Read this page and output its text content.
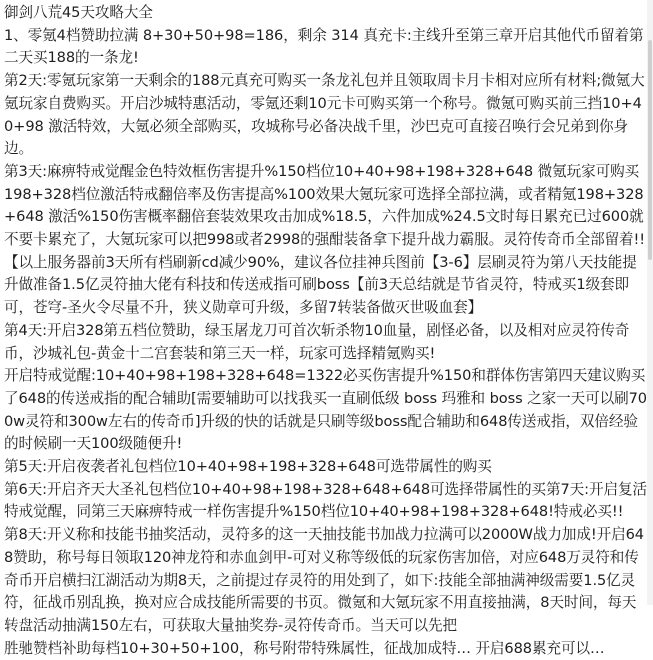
御剑八荒45天攻略大全

1、零氪4档赞助拉满 8+30+50+98=186，剩余 314 真充卡:主线升至第三章开启其他代币留着第二天买188的一条龙!

第2天:零氪玩家第一天剩余的188元真充可购买一条龙礼包并且领取周卡月卡相对应所有材料;微氪大氪玩家自费购买。开启沙城特惠活动，零氪还剩10元卡可购买第一个称号。微氪可购买前三挡10+40+98 激活特效，大氪必须全部购买，攻城称号必备决战千里，沙巴克可直接召唤行会兄弟到你身边。

第3天:麻痹特戒觉醒金色特效框伤害提升%150档位10+40+98+198+328+648 微氪玩家可购买198+328档位激活特戒翻倍率及伤害提高%100效果大氪玩家可选择全部拉满，或者精氪198+328+648 激活%150伤害概率翻倍套装效果攻击加成%18.5，六件加成%24.5文时每日累充已过600就不要卡累充了，大氪玩家可以把998或者2998的强酣装备拿下提升战力霸服。灵符传奇币全部留着!!【以上服务器前3天所有档刷新cd减少90%，建议各位挂神兵图前【3-6】层刷灵符为第八天技能提升做准备1.5亿灵符抽大佬有科技和传送戒指可刷boss【前3天总结就是节省灵符，特戒买1级套即可，苍穹-圣火令尽量不升，狭义勋章可升级，多留7转装备做灭世吸血套】

第4天:开启328第五档位赞助，绿玉屠龙刀可首次斩杀物10血量，剧怪必备，以及相对应灵符传奇币，沙城礼包-黄金十二宫套装和第三天一样，玩家可选择精氪购买!

开启特戒觉醒:10+40+98+198+328+648=1322必买伤害提升%150和群体伤害第四天建议购买了648的传送戒指的配合辅助[需要辅助可以找我买一直刷低级 boss 玛雅和 boss 之家一天可以刷700w灵符和300w左右的传奇币]升级的快的话就是只刷等级boss配合辅助和648传送戒指，双倍经验的时候刷一天100级随便升!

第5天:开启夜袭者礼包档位10+40+98+198+328+648可选带属性的购买

第6天:开启齐天大圣礼包档位10+40+98+198+328+648+648可选择带属性的买第7天:开启复活特戒觉醒，同第三天麻痹特戒一样伤害提升%150档位10+40+98+198+328+648!特戒必买!!

第8天:开义称和技能书抽奖活动，灵符多的这一天抽技能书加战力拉满可以2000W战力加成!开启648赞助，称号每日领取120神龙符和赤血剑甲-可对义称等级低的玩家伤害加倍，对应648万灵符和传奇币开启横扫江湖活动为期8天，之前提过存灵符的用处到了，如下:技能全部抽满神级需要1.5亿灵符，征战币别乱换，换对应合成技能所需要的书页。微氪和大氪玩家不用直接抽满，8天时间，每天转盘活动抽满150左右，可获取大量抽奖券-灵符传奇币。当天可以先把

胜驰赞档补助每档10+30+50+100，称号附带特殊属性，征战加成特… 开启688累充可以…
